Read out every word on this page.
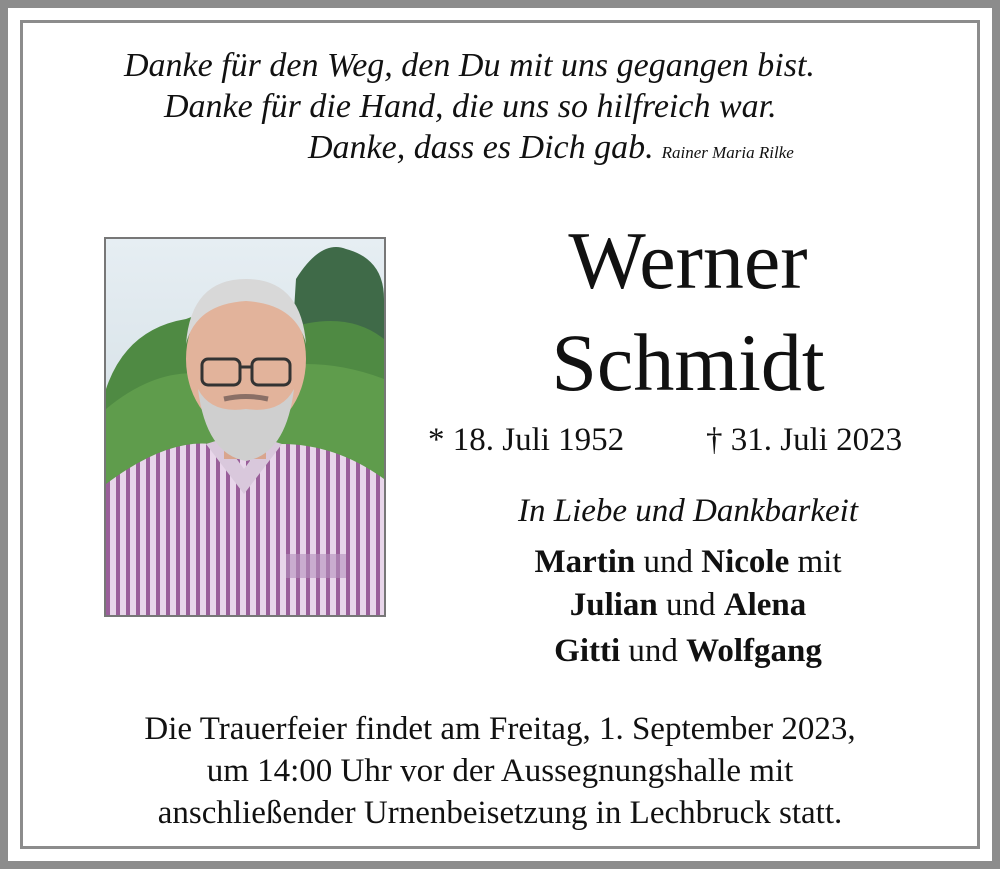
Danke für den Weg, den Du mit uns gegangen bist.
Danke für die Hand, die uns so hilfreich war.
Danke, dass es Dich gab. Rainer Maria Rilke
Werner
Schmidt
* 18. Juli 1952 † 31. Juli 2023
In Liebe und Dankbarkeit
Martin und Nicole mit
Julian und Alena
Gitti und Wolfgang
Die Trauerfeier findet am Freitag, 1. September 2023,
um 14:00 Uhr vor der Aussegnungshalle mit
anschließender Urnenbeisetzung in Lechbruck statt.
